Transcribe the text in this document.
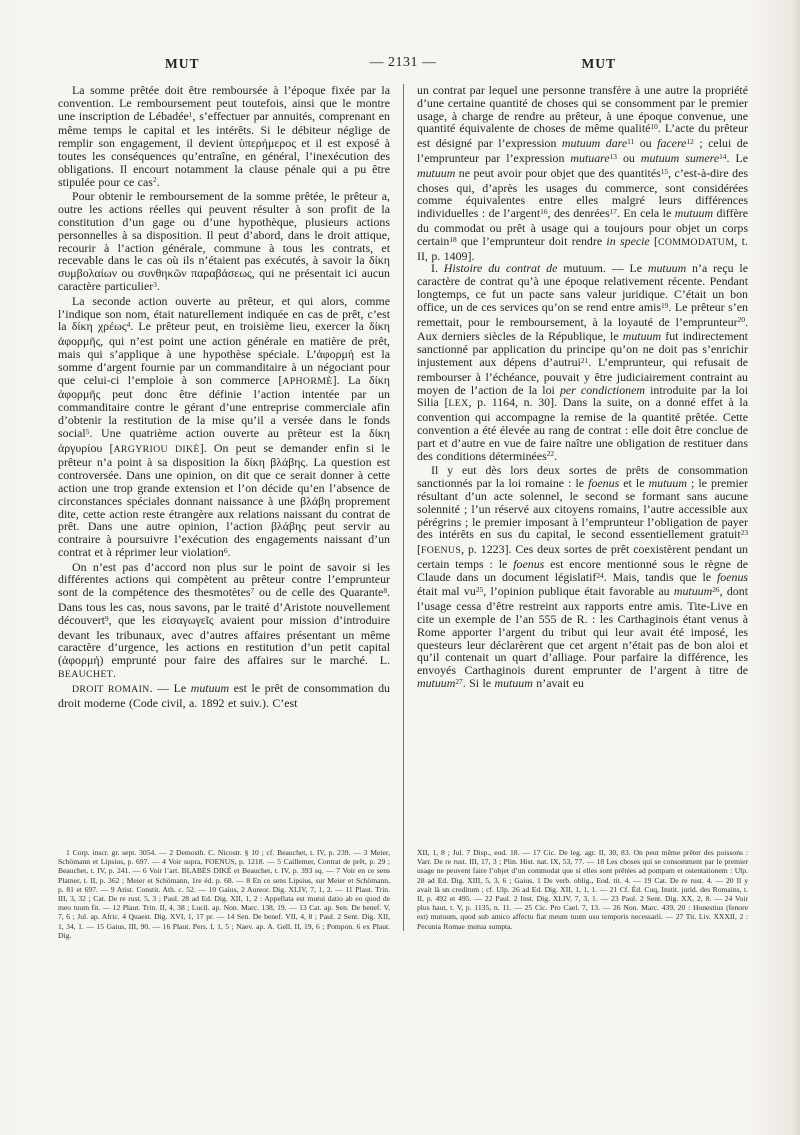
MUT	— 2131 —	MUT
La somme prêtée doit être remboursée à l’époque fixée par la convention. Le remboursement peut toutefois, ainsi que le montre une inscription de Lébadée$^1$, s’effectuer par annuités, comprenant en même temps le capital et les intérêts. Si le débiteur néglige de remplir son engagement, il devient ὑπερήμερος et il est exposé à toutes les conséquences qu’entraîne, en général, l’inexécution des obligations. Il encourt notamment la clause pénale qui a pu être stipulée pour ce cas$^2$.
Pour obtenir le remboursement de la somme prêtée, le prêteur a, outre les actions réelles qui peuvent résulter à son profit de la constitution d’un gage ou d’une hypothèque, plusieurs actions personnelles à sa disposition. Il peut d’abord, dans le droit attique, recourir à l’action générale, commune à tous les contrats, et recevable dans le cas où ils n’étaient pas exécutés, à savoir la δίκη συμβολαίων ou συνθηκῶν παραβάσεως, qui ne présentait ici aucun caractère particulier$^3$.
La seconde action ouverte au prêteur, et qui alors, comme l’indique son nom, était naturellement indiquée en cas de prêt, c’est la δίκη χρέως$^4$. Le prêteur peut, en troisième lieu, exercer la δίκη ἀφορμῆς, qui n’est point une action générale en matière de prêt, mais qui s’applique à une hypothèse spéciale. L’ἀφορμή est la somme d’argent fournie par un commanditaire à un négociant pour que celui-ci l’emploie à son commerce [APHORMÈ]. La δίκη ἀφορμῆς peut donc être définie l’action intentée par un commanditaire contre le gérant d’une entreprise commerciale afin d’obtenir la restitution de la mise qu’il a versée dans le fonds social$^5$. Une quatrième action ouverte au prêteur est la δίκη ἀργυρίου [ARGYRIOU DIKÈ]. On peut se demander enfin si le prêteur n’a point à sa disposition la δίκη βλάβης. La question est controversée. Dans une opinion, on dit que ce serait donner à cette action une trop grande extension et l’on décide qu’en l’absence de circonstances spéciales donnant naissance à une βλάβη proprement dite, cette action reste étrangère aux relations naissant du contrat de prêt. Dans une autre opinion, l’action βλάβης peut servir au contraire à poursuivre l’exécution des engagements naissant d’un contrat et à réprimer leur violation$^6$.
On n’est pas d’accord non plus sur le point de savoir si les différentes actions qui compètent au prêteur contre l’emprunteur sont de la compétence des thesmotètes$^7$ ou de celle des Quarante$^8$. Dans tous les cas, nous savons, par le traité d’Aristote nouvellement découvert$^9$, que les εἰσαγωγεῖς avaient pour mission d’introduire devant les tribunaux, avec d’autres affaires présentant un même caractère d’urgence, les actions en restitution d’un petit capital (ἀφορμή) emprunté pour faire des affaires sur le marché. L. BEAUCHET.
DROIT ROMAIN. — Le mutuum est le prêt de consommation du droit moderne (Code civil, a. 1892 et suiv.). C’est
1 Corp. inscr. gr. sept. 3054. — 2 Demosth. C. Nicostr. § 10 ; cf. Beauchet, t. IV, p. 239. — 3 Meier, Schömann et Lipsius, p. 697. — 4 Voir supra, FOENUS, p. 1218. — 5 Caillemer, Contrat de prêt, p. 29 ; Beauchet, t. IV, p. 241. — 6 Voir l’art. BLABÈS DIKÈ et Beauchet, t. IV, p. 393 sq. — 7 Voir en ce sens Platner, t. II, p. 362 ; Meier et Schömann, 1re éd. p. 68. — 8 En ce sens Lipsius, sur Meier et Schömann, p. 81 et 697. — 9 Arist. Constit. Ath. c. 52. — 10 Gaius, 2 Aureor. Dig. XLIV, 7, 1, 2. — 11 Plaut. Trin. III, 3, 32 ; Cat. De re rust. 5, 3 ; Paul. 28 ad Ed. Dig. XII, 1, 2 : Appellata est mutui datio ab eo quod de meo tuum fit. — 12 Plaut. Trin. II, 4, 38 ; Lucil. ap. Non. Marc. 138, 19. — 13 Cat. ap. Sen. De benef. V, 7, 6 ; Jul. ap. Afric. 4 Quaest. Dig. XVI, 1, 17 pr. — 14 Sen. De benef. VII, 4, 8 ; Paul. 2 Sent. Dig. XII, 1, 34, 1. — 15 Gaius, III, 90. — 16 Plaut. Pers. I, 1, 5 ; Naev. ap. A. Gell. II, 19, 6 ; Pompon. 6 ex Plaut. Dig.
un contrat par lequel une personne transfère à une autre la propriété d’une certaine quantité de choses qui se consomment par le premier usage, à charge de rendre au prêteur, à une époque convenue, une quantité équivalente de choses de même qualité$^{10}$. L’acte du prêteur est désigné par l’expression mutuum dare$^{11}$ ou facere$^{12}$ ; celui de l’emprunteur par l’expression mutuare$^{13}$ ou mutuum sumere$^{14}$. Le mutuum ne peut avoir pour objet que des quantités$^{15}$, c’est-à-dire des choses qui, d’après les usages du commerce, sont considérées comme équivalentes entre elles malgré leurs différences individuelles : de l’argent$^{16}$, des denrées$^{17}$. En cela le mutuum diffère du commodat ou prêt à usage qui a toujours pour objet un corps certain$^{18}$ que l’emprunteur doit rendre in specie [COMMODATUM, t. II, p. 1409].
I. Histoire du contrat de mutuum. — Le mutuum n’a reçu le caractère de contrat qu’à une époque relativement récente. Pendant longtemps, ce fut un pacte sans valeur juridique. C’était un bon office, un de ces services qu’on se rend entre amis$^{19}$. Le prêteur s’en remettait, pour le remboursement, à la loyauté de l’emprunteur$^{20}$. Aux derniers siècles de la République, le mutuum fut indirectement sanctionné par application du principe qu’on ne doit pas s’enrichir injustement aux dépens d’autrui$^{21}$. L’emprunteur, qui refusait de rembourser à l’échéance, pouvait y être judiciairement contraint au moyen de l’action de la loi per condictionem introduite par la loi Silia [LEX, p. 1164, n. 30]. Dans la suite, on a donné effet à la convention qui accompagne la remise de la quantité prêtée. Cette convention a été élevée au rang de contrat : elle doit être conclue de part et d’autre en vue de faire naître une obligation de restituer dans des conditions déterminées$^{22}$.
Il y eut dès lors deux sortes de prêts de consommation sanctionnés par la loi romaine : le foenus et le mutuum ; le premier résultant d’un acte solennel, le second se formant sans aucune solennité ; l’un réservé aux citoyens romains, l’autre accessible aux pérégrins ; le premier imposant à l’emprunteur l’obligation de payer des intérêts en sus du capital, le second essentiellement gratuit$^{23}$ [FOENUS, p. 1223]. Ces deux sortes de prêt coexistèrent pendant un certain temps : le foenus est encore mentionné sous le règne de Claude dans un document législatif$^{24}$. Mais, tandis que le foenus était mal $vu^{25}$, l’opinion publique était favorable au mutuum$^{26}$, dont l’usage cessa d’être restreint aux rapports entre amis. Tite-Live en cite un exemple de l’an 555 de R. : les Carthaginois étant venus à Rome apporter l’argent du tribut qui leur avait été imposé, les questeurs leur déclarèrent que cet argent n’était pas de bon aloi et qu’il contenait un quart d’alliage. Pour parfaire la différence, les envoyés Carthaginois durent emprunter de l’argent à titre de mutuum$^{27}$. Si le mutuum n’avait eu
XII, 1, 8 ; Jul. 7 Disp., eod. 18. — 17 Cic. De leg. agr. II, 30, 83. On peut même prêter des poissons : Varr. De re rust. III, 17, 3 ; Plin. Hist. nat. IX, 53, 77. — 18 Les choses qui se consomment par le premier usage ne peuvent faire l’objet d’un commodat que si elles sont prêtées ad pompam et ostentationem : Ulp. 28 ad Ed. Dig. XIII, 5, 3, 6 ; Gaius, 1 De verb. oblig., Eod. tit. 4. — 19 Cat. De re rust. 4. — 20 Il y avait là un creditum ; cf. Ulp. 26 ad Ed. Dig. XII, 1, 1, 1. — 21 Cf. Éd. Cuq, Instit. jurid. des Romains, t. II, p. 492 et 495. — 22 Paul. 2 Inst. Dig. XLIV, 7, 3, 1. — 23 Paul. 2 Sent. Dig. XX, 2, 8. — 24 Voir plus haut, t. V, p. 1135, n. 11. — 25 Cic. Pro Cael. 7, 13. — 26 Non. Marc. 439, 20 : Honestius (fenore est) mutuum, quod sub amico affectu fiat meum tuum usu temporis necessarii. — 27 Tit. Liv. XXXII, 2 : Pecunia Romae mutua sumpta.
